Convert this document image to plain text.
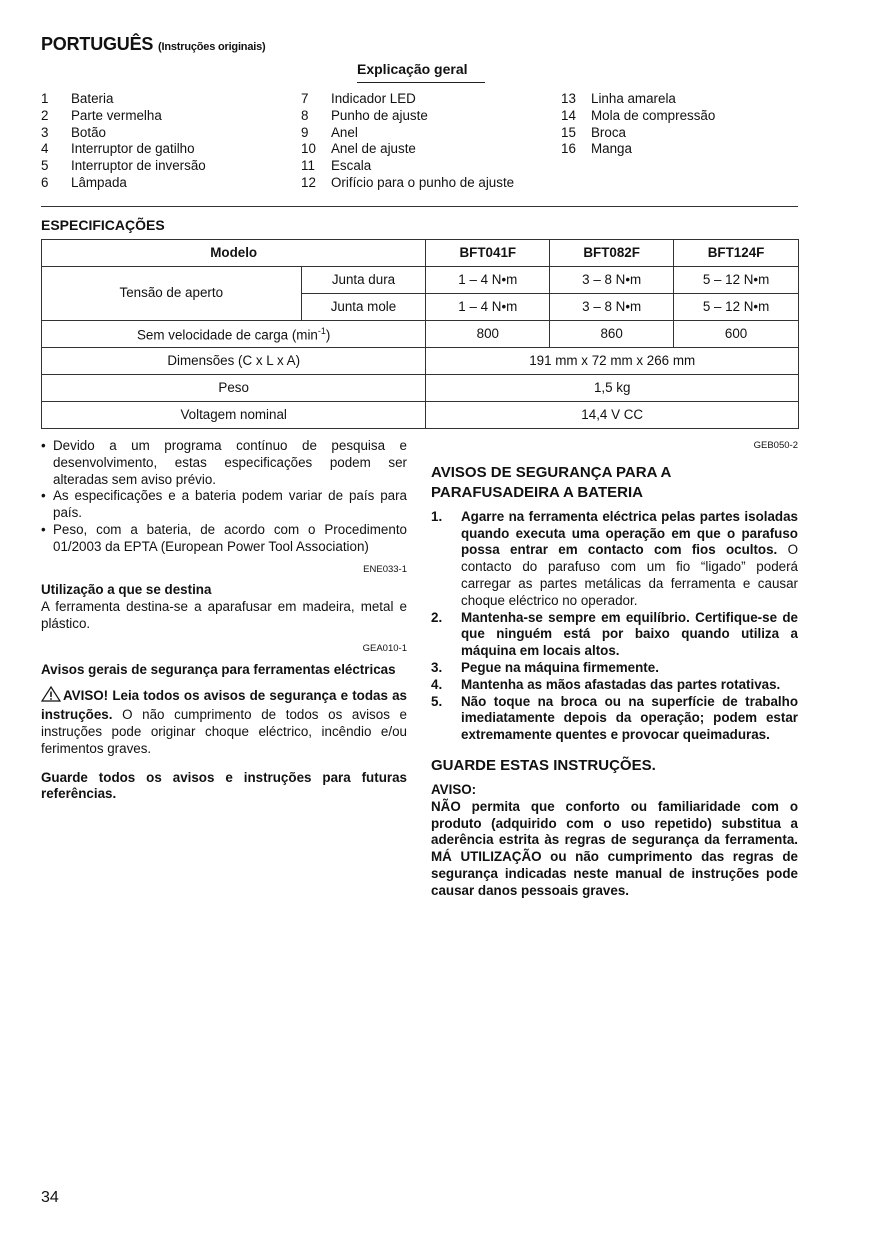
PORTUGUÊS (Instruções originais)
Explicação geral
1	Bateria
2	Parte vermelha
3	Botão
4	Interruptor de gatilho
5	Interruptor de inversão
6	Lâmpada
7	Indicador LED
8	Punho de ajuste
9	Anel
10	Anel de ajuste
11	Escala
12	Orifício para o punho de ajuste
13	Linha amarela
14	Mola de compressão
15	Broca
16	Manga
ESPECIFICAÇÕES
Modelo		BFT041F	BFT082F	BFT124F
Tensão de aperto	Junta dura	1 – 4 N•m	3 – 8 N•m	5 – 12 N•m
	Junta mole	1 – 4 N•m	3 – 8 N•m	5 – 12 N•m
Sem velocidade de carga $(\min^{-1})$		800	860	600
Dimensões (C x L x A)		191 mm x 72 mm x 266 mm		
Peso		1,5 kg		
Voltagem nominal		14,4 V CC		
• Devido a um programa contínuo de pesquisa e desenvolvimento, estas especificações podem ser alteradas sem aviso prévio.
• As especificações e a bateria podem variar de país para país.
• Peso, com a bateria, de acordo com o Procedimento 01/2003 da EPTA (European Power Tool Association)
ENE033-1
Utilização a que se destina
A ferramenta destina-se a aparafusar em madeira, metal e plástico.
GEA010-1
Avisos gerais de segurança para ferramentas eléctricas
AVISO! Leia todos os avisos de segurança e todas as instruções. O não cumprimento de todos os avisos e instruções pode originar choque eléctrico, incêndio e/ou ferimentos graves.
Guarde todos os avisos e instruções para futuras referências.
GEB050-2
AVISOS DE SEGURANÇA PARA A PARAFUSADEIRA A BATERIA
1.	Agarre na ferramenta eléctrica pelas partes isoladas quando executa uma operação em que o parafuso possa entrar em contacto com fios ocultos. O contacto do parafuso com um fio “ligado” poderá carregar as partes metálicas da ferramenta e causar choque eléctrico no operador.
2.	Mantenha-se sempre em equilíbrio. Certifique-se de que ninguém está por baixo quando utiliza a máquina em locais altos.
3.	Pegue na máquina firmemente.
4.	Mantenha as mãos afastadas das partes rotativas.
5.	Não toque na broca ou na superfície de trabalho imediatamente depois da operação; podem estar extremamente quentes e provocar queimaduras.
GUARDE ESTAS INSTRUÇÕES.
AVISO:
NÃO permita que conforto ou familiaridade com o produto (adquirido com o uso repetido) substitua a aderência estrita às regras de segurança da ferramenta. MÁ UTILIZAÇÃO ou não cumprimento das regras de segurança indicadas neste manual de instruções pode causar danos pessoais graves.
34
